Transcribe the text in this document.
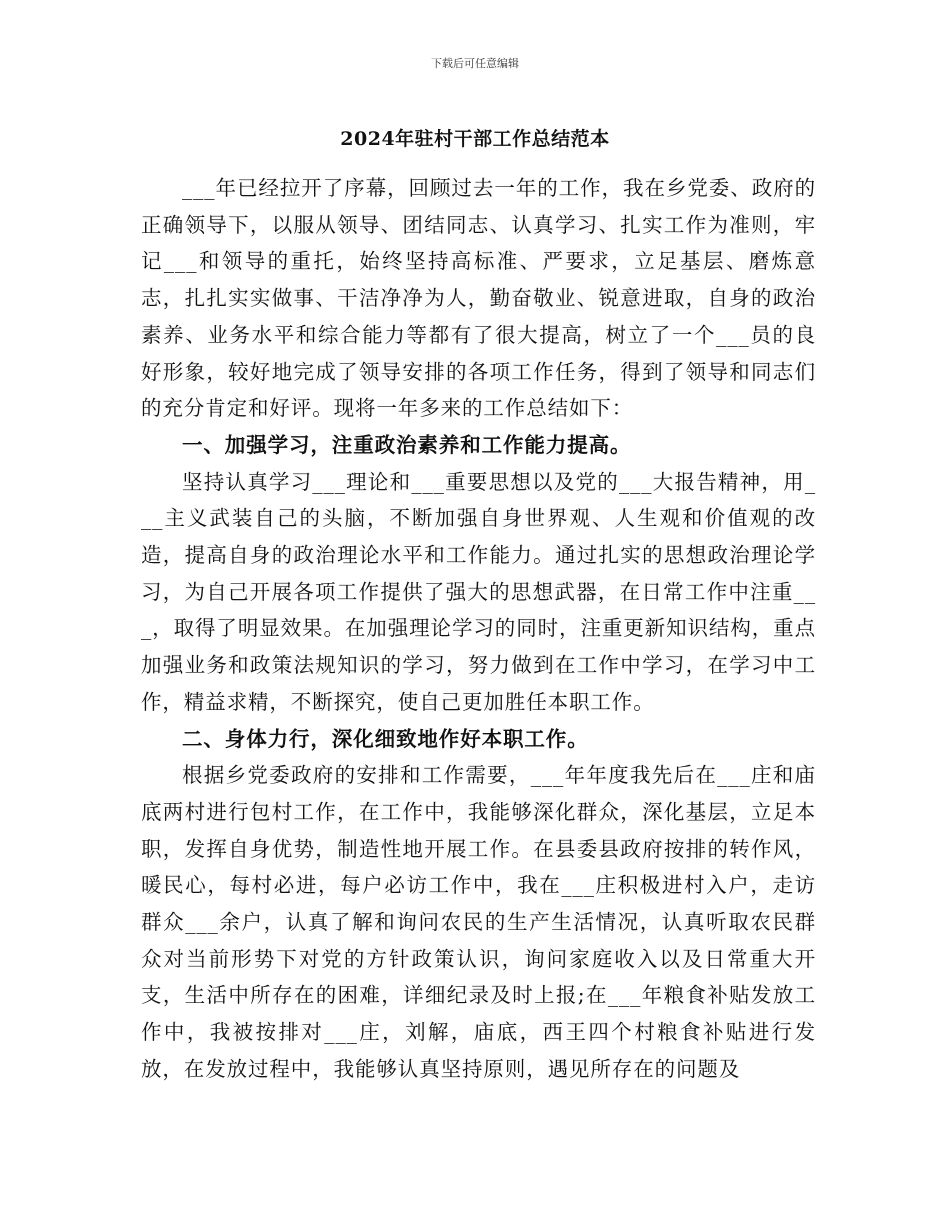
下载后可任意编辑
2024年驻村干部工作总结范本

___年已经拉开了序幕，回顾过去一年的工作，我在乡党委、政府的正确领导下，以服从领导、团结同志、认真学习、扎实工作为准则，牢记___和领导的重托，始终坚持高标准、严要求，立足基层、磨炼意志，扎扎实实做事、干洁净净为人，勤奋敬业、锐意进取，自身的政治素养、业务水平和综合能力等都有了很大提高，树立了一个___员的良好形象，较好地完成了领导安排的各项工作任务，得到了领导和同志们的充分肯定和好评。现将一年多来的工作总结如下：

一、加强学习，注重政治素养和工作能力提高。

坚持认真学习___理论和___重要思想以及党的___大报告精神，用___主义武装自己的头脑，不断加强自身世界观、人生观和价值观的改造，提高自身的政治理论水平和工作能力。通过扎实的思想政治理论学习，为自己开展各项工作提供了强大的思想武器，在日常工作中注重___，取得了明显效果。在加强理论学习的同时，注重更新知识结构，重点加强业务和政策法规知识的学习，努力做到在工作中学习，在学习中工作，精益求精，不断探究，使自己更加胜任本职工作。

二、身体力行，深化细致地作好本职工作。

根据乡党委政府的安排和工作需要，___年年度我先后在___庄和庙底两村进行包村工作，在工作中，我能够深化群众，深化基层，立足本职，发挥自身优势，制造性地开展工作。在县委县政府按排的转作风，暖民心，每村必进，每户必访工作中，我在___庄积极进村入户，走访群众___余户，认真了解和询问农民的生产生活情况，认真听取农民群众对当前形势下对党的方针政策认识，询问家庭收入以及日常重大开支，生活中所存在的困难，详细纪录及时上报;在___年粮食补贴发放工作中，我被按排对___庄，刘解，庙底，西王四个村粮食补贴进行发放，在发放过程中，我能够认真坚持原则，遇见所存在的问题及
